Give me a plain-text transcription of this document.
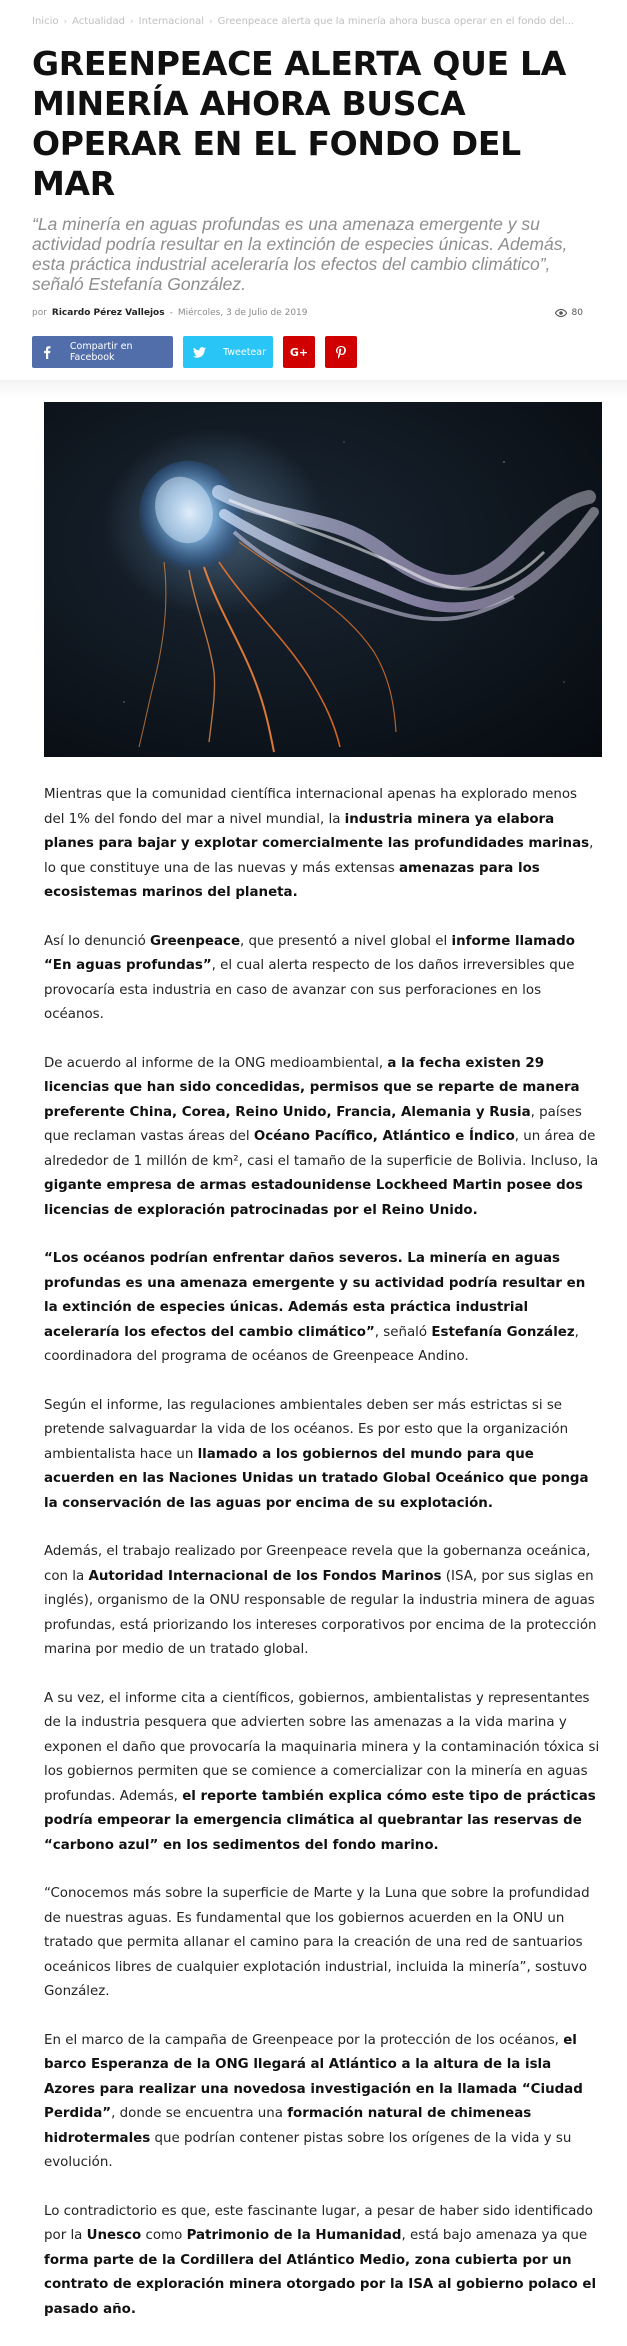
Inicio › Actualidad › Internacional › Greenpeace alerta que la minería ahora busca operar en el fondo del...
GREENPEACE ALERTA QUE LA MINERÍA AHORA BUSCA OPERAR EN EL FONDO DEL MAR
“La minería en aguas profundas es una amenaza emergente y su actividad podría resultar en la extinción de especies únicas. Además, esta práctica industrial aceleraría los efectos del cambio climático”, señaló Estefanía González.
por Ricardo Pérez Vallejos - Miércoles, 3 de Julio de 2019	80
Compartir en Facebook	Tweetear G+

Mientras que la comunidad científica internacional apenas ha explorado menos del 1% del fondo del mar a nivel mundial, la industria minera ya elabora planes para bajar y explotar comercialmente las profundidades marinas, lo que constituye una de las nuevas y más extensas amenazas para los ecosistemas marinos del planeta.

Así lo denunció Greenpeace, que presentó a nivel global el informe llamado “En aguas profundas”, el cual alerta respecto de los daños irreversibles que provocaría esta industria en caso de avanzar con sus perforaciones en los océanos.

De acuerdo al informe de la ONG medioambiental, a la fecha existen 29 licencias que han sido concedidas, permisos que se reparte de manera preferente China, Corea, Reino Unido, Francia, Alemania y Rusia, países que reclaman vastas áreas del Océano Pacífico, Atlántico e Índico, un área de alrededor de 1 millón de km², casi el tamaño de la superficie de Bolivia. Incluso, la gigante empresa de armas estadounidense Lockheed Martin posee dos licencias de exploración patrocinadas por el Reino Unido.

“Los océanos podrían enfrentar daños severos. La minería en aguas profundas es una amenaza emergente y su actividad podría resultar en la extinción de especies únicas. Además esta práctica industrial aceleraría los efectos del cambio climático”, señaló Estefanía González, coordinadora del programa de océanos de Greenpeace Andino.

Según el informe, las regulaciones ambientales deben ser más estrictas si se pretende salvaguardar la vida de los océanos. Es por esto que la organización ambientalista hace un llamado a los gobiernos del mundo para que acuerden en las Naciones Unidas un tratado Global Oceánico que ponga la conservación de las aguas por encima de su explotación.

Además, el trabajo realizado por Greenpeace revela que la gobernanza oceánica, con la Autoridad Internacional de los Fondos Marinos (ISA, por sus siglas en inglés), organismo de la ONU responsable de regular la industria minera de aguas profundas, está priorizando los intereses corporativos por encima de la protección marina por medio de un tratado global.

A su vez, el informe cita a científicos, gobiernos, ambientalistas y representantes de la industria pesquera que advierten sobre las amenazas a la vida marina y exponen el daño que provocaría la maquinaria minera y la contaminación tóxica si los gobiernos permiten que se comience a comercializar con la minería en aguas profundas. Además, el reporte también explica cómo este tipo de prácticas podría empeorar la emergencia climática al quebrantar las reservas de “carbono azul” en los sedimentos del fondo marino.

“Conocemos más sobre la superficie de Marte y la Luna que sobre la profundidad de nuestras aguas. Es fundamental que los gobiernos acuerden en la ONU un tratado que permita allanar el camino para la creación de una red de santuarios oceánicos libres de cualquier explotación industrial, incluida la minería”, sostuvo González.

En el marco de la campaña de Greenpeace por la protección de los océanos, el barco Esperanza de la ONG llegará al Atlántico a la altura de la isla Azores para realizar una novedosa investigación en la llamada “Ciudad Perdida”, donde se encuentra una formación natural de chimeneas hidrotermales que podrían contener pistas sobre los orígenes de la vida y su evolución.

Lo contradictorio es que, este fascinante lugar, a pesar de haber sido identificado por la Unesco como Patrimonio de la Humanidad, está bajo amenaza ya que forma parte de la Cordillera del Atlántico Medio, zona cubierta por un contrato de exploración minera otorgado por la ISA al gobierno polaco el pasado año.
